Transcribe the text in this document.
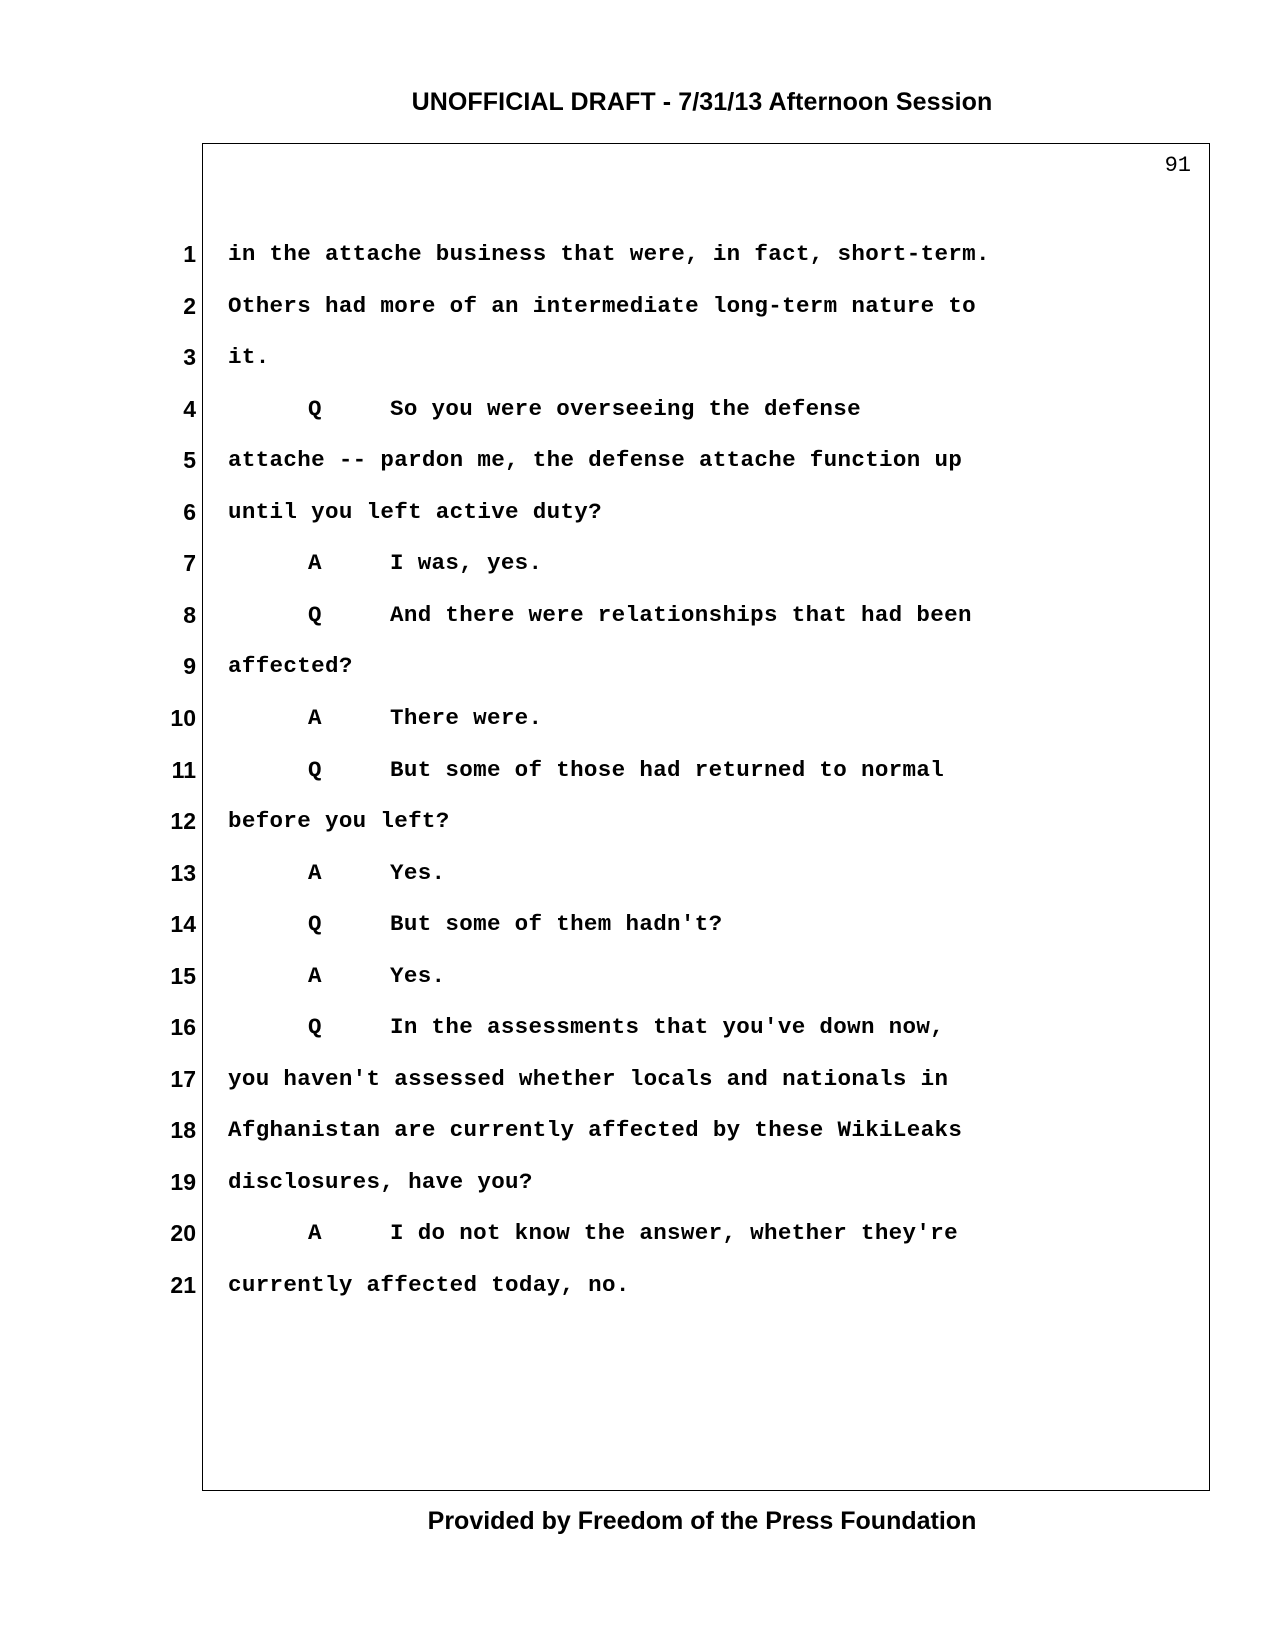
UNOFFICIAL DRAFT - 7/31/13 Afternoon Session
91
1 in the attache business that were, in fact, short-term.
2 Others had more of an intermediate long-term nature to
3 it.
4	Q	So you were overseeing the defense
5 attache -- pardon me, the defense attache function up
6 until you left active duty?
7	A	I was, yes.
8	Q	And there were relationships that had been
9 affected?
10	A	There were.
11	Q	But some of those had returned to normal
12 before you left?
13	A	Yes.
14	Q	But some of them hadn't?
15	A	Yes.
16	Q	In the assessments that you've down now,
17 you haven't assessed whether locals and nationals in
18 Afghanistan are currently affected by these WikiLeaks
19 disclosures, have you?
20	A	I do not know the answer, whether they're
21 currently affected today, no.
Provided by Freedom of the Press Foundation
